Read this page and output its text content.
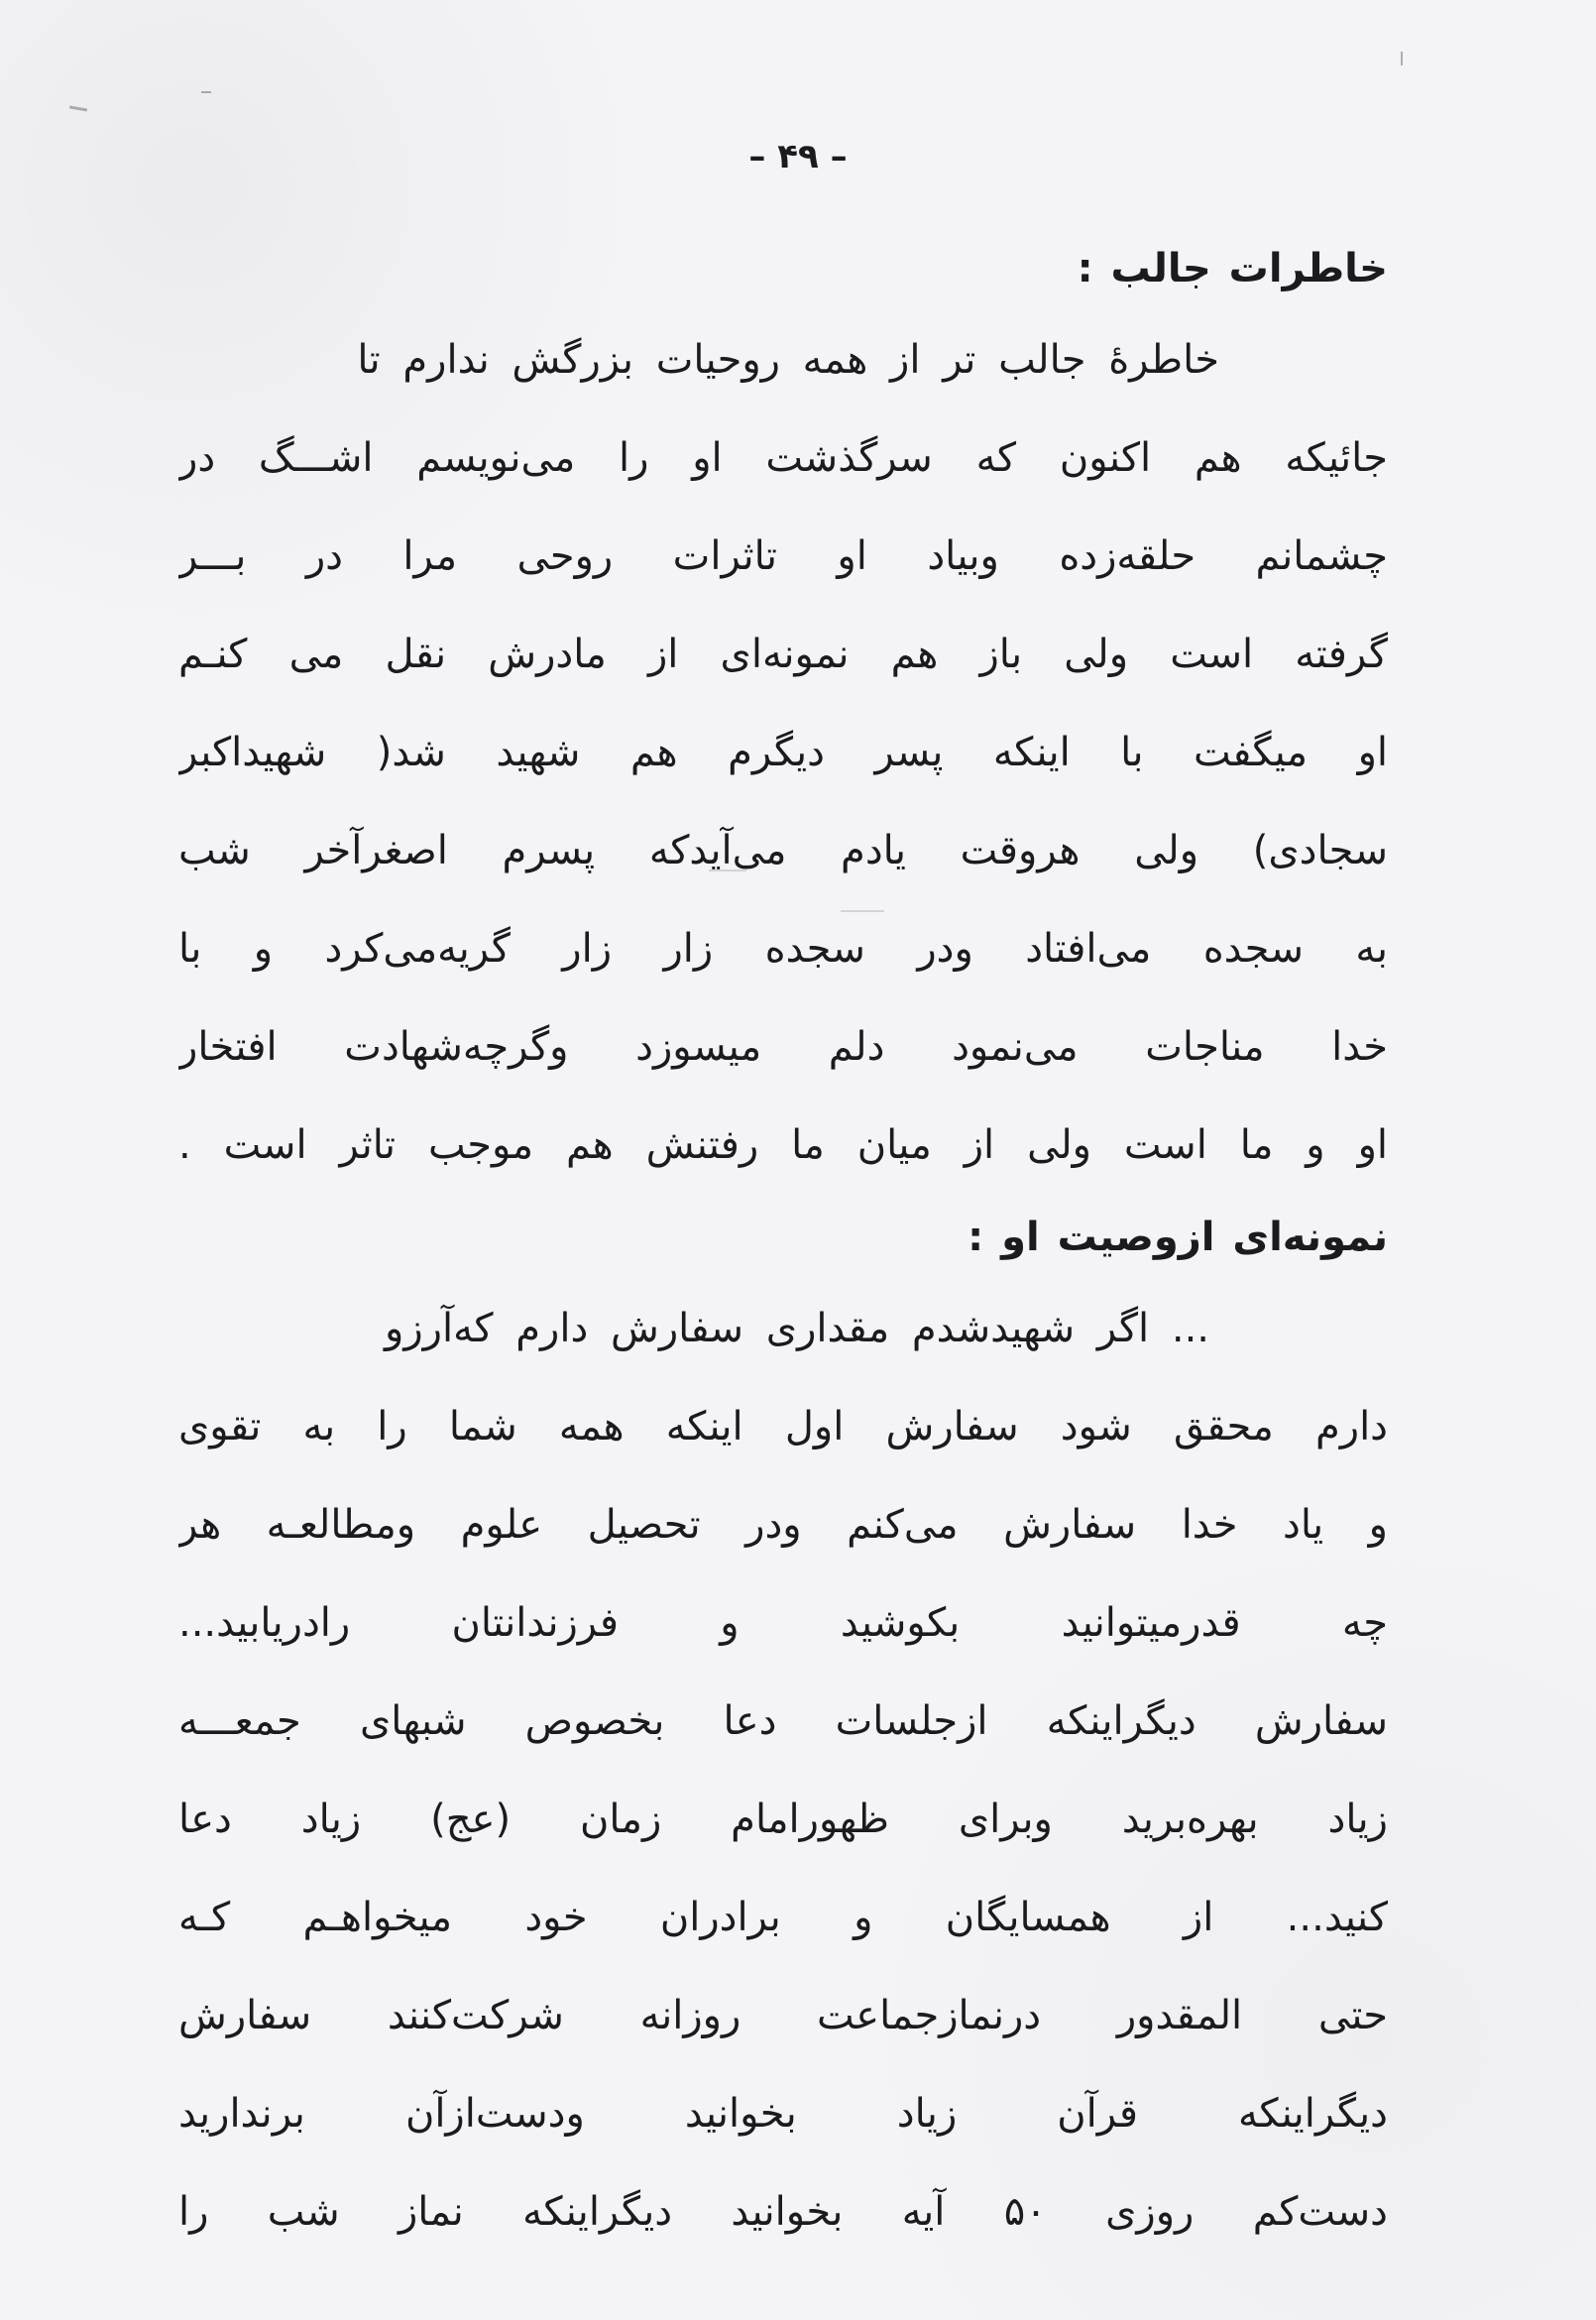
– ۴۹ –
خاطرات جالب :
خاطرهٔ جالب تر از همه روحیات بزرگش ندارم تا
جائیکه هم اکنون که سرگذشت او را می‌نویسم اشـــگ در
چشمانم حلقه‌زده وبیاد او تاثرات روحی مرا در بـــر
گرفته است ولی باز هم نمونه‌ای از مادرش نقل می کنـم
او میگفت با اینکه پسر دیگرم هم شهید شد( شهیداکبر
سجادی) ولی هروقت یادم می‌آیدکه پسرم اصغرآخر شب
به سجده می‌افتاد ودر سجده زار زار گریه‌می‌کرد و با
خدا مناجات می‌نمود دلم میسوزد وگرچه‌شهادت افتخار
او و ما است ولی از میان ما رفتنش هم موجب تاثر است .
نمونه‌ای ازوصیت او :
... اگر شهیدشدم مقداری سفارش دارم که‌آرزو
دارم محقق شود سفارش اول اینکه همه شما را به تقوی
و یاد خدا سفارش می‌کنم ودر تحصیل علوم ومطالعـه هر
چه قدرمیتوانید بکوشید و فرزندانتان رادریابید...
سفارش دیگراینکه ازجلسات دعا بخصوص شبهای جمعـــه
زیاد بهره‌برید وبرای ظهورامام زمان (عج) زیاد دعا
کنید... از همسایگان و برادران خود میخواهـم کـه
حتی المقدور درنمازجماعت روزانه شرکت‌کنند سفارش
دیگراینکه قرآن زیاد بخوانید ودست‌ازآن برندارید
دست‌کم روزی ۵۰ آیه بخوانید دیگراینکه نماز شب را
